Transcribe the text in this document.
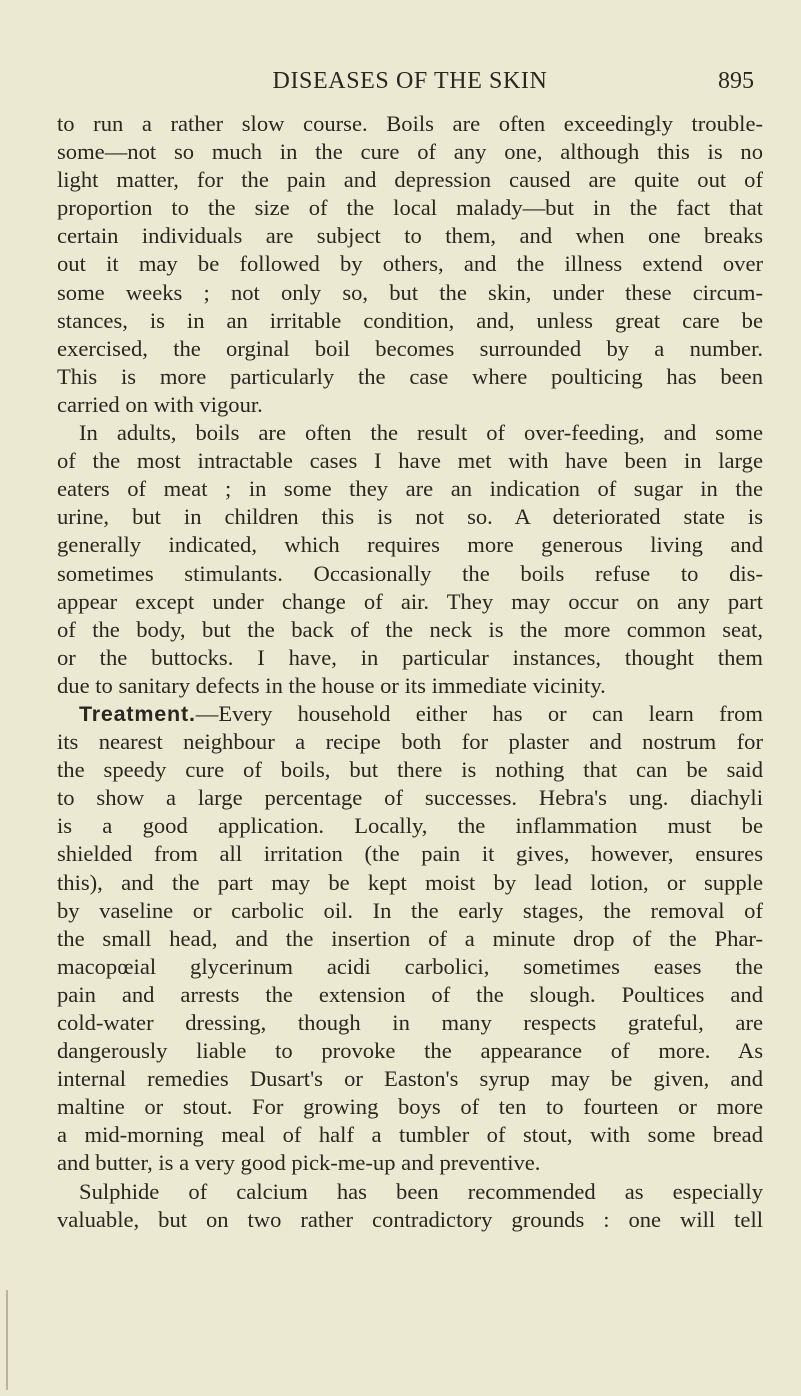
DISEASES OF THE SKIN	895
to run a rather slow course. Boils are often exceedingly trouble-
some—not so much in the cure of any one, although this is no
light matter, for the pain and depression caused are quite out of
proportion to the size of the local malady—but in the fact that
certain individuals are subject to them, and when one breaks
out it may be followed by others, and the illness extend over
some weeks ; not only so, but the skin, under these circum-
stances, is in an irritable condition, and, unless great care be
exercised, the orginal boil becomes surrounded by a number.
This is more particularly the case where poulticing has been
carried on with vigour.
In adults, boils are often the result of over-feeding, and some
of the most intractable cases I have met with have been in large
eaters of meat ; in some they are an indication of sugar in the
urine, but in children this is not so. A deteriorated state is
generally indicated, which requires more generous living and
sometimes stimulants. Occasionally the boils refuse to dis-
appear except under change of air. They may occur on any part
of the body, but the back of the neck is the more common seat,
or the buttocks. I have, in particular instances, thought them
due to sanitary defects in the house or its immediate vicinity.
Treatment.—Every household either has or can learn from
its nearest neighbour a recipe both for plaster and nostrum for
the speedy cure of boils, but there is nothing that can be said
to show a large percentage of successes. Hebra's ung. diachyli
is a good application. Locally, the inflammation must be
shielded from all irritation (the pain it gives, however, ensures
this), and the part may be kept moist by lead lotion, or supple
by vaseline or carbolic oil. In the early stages, the removal of
the small head, and the insertion of a minute drop of the Phar-
macopœial glycerinum acidi carbolici, sometimes eases the
pain and arrests the extension of the slough. Poultices and
cold-water dressing, though in many respects grateful, are
dangerously liable to provoke the appearance of more. As
internal remedies Dusart's or Easton's syrup may be given, and
maltine or stout. For growing boys of ten to fourteen or more
a mid-morning meal of half a tumbler of stout, with some bread
and butter, is a very good pick-me-up and preventive.
Sulphide of calcium has been recommended as especially
valuable, but on two rather contradictory grounds : one will tell
